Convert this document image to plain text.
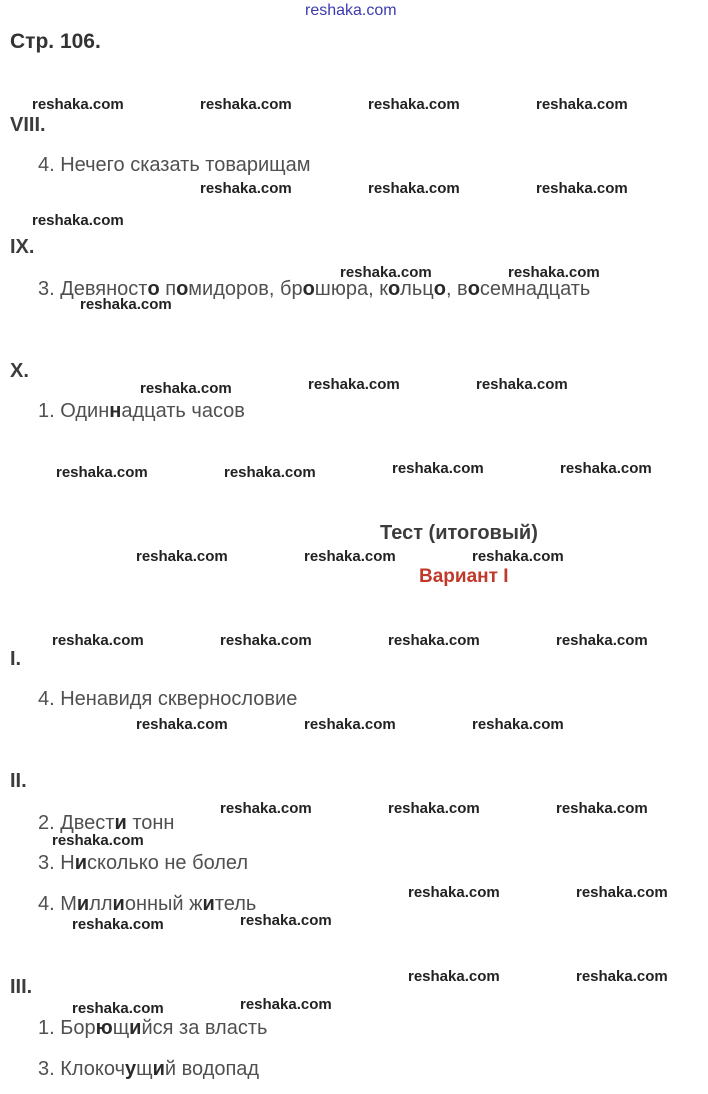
reshaka.com
Стр. 106.
VIII.
4. Нечего сказать товарищам
IX.
3. Девяносто помидоров, брошюра, кольцо, восемнадцать
X.
1. Одиннадцать часов
Тест (итоговый)
Вариант I
I.
4. Ненавидя сквернословие
II.
2. Двести тонн
3. Нисколько не болел
4. Миллионный житель
III.
1. Борющийся за власть
3. Клокочущий водопад
reshaka.com	reshaka.com	reshaka.com	reshaka.com
reshaka.com	reshaka.com	reshaka.com
reshaka.com
reshaka.com	reshaka.com
reshaka.com
reshaka.com	reshaka.com
reshaka.com
reshaka.com	reshaka.com
reshaka.com	reshaka.com
reshaka.com	reshaka.com	reshaka.com
reshaka.com	reshaka.com	reshaka.com	reshaka.com
reshaka.com	reshaka.com	reshaka.com
reshaka.com	reshaka.com	reshaka.com
reshaka.com
reshaka.com	reshaka.com
reshaka.com
reshaka.com
reshaka.com	reshaka.com
reshaka.com
reshaka.com
